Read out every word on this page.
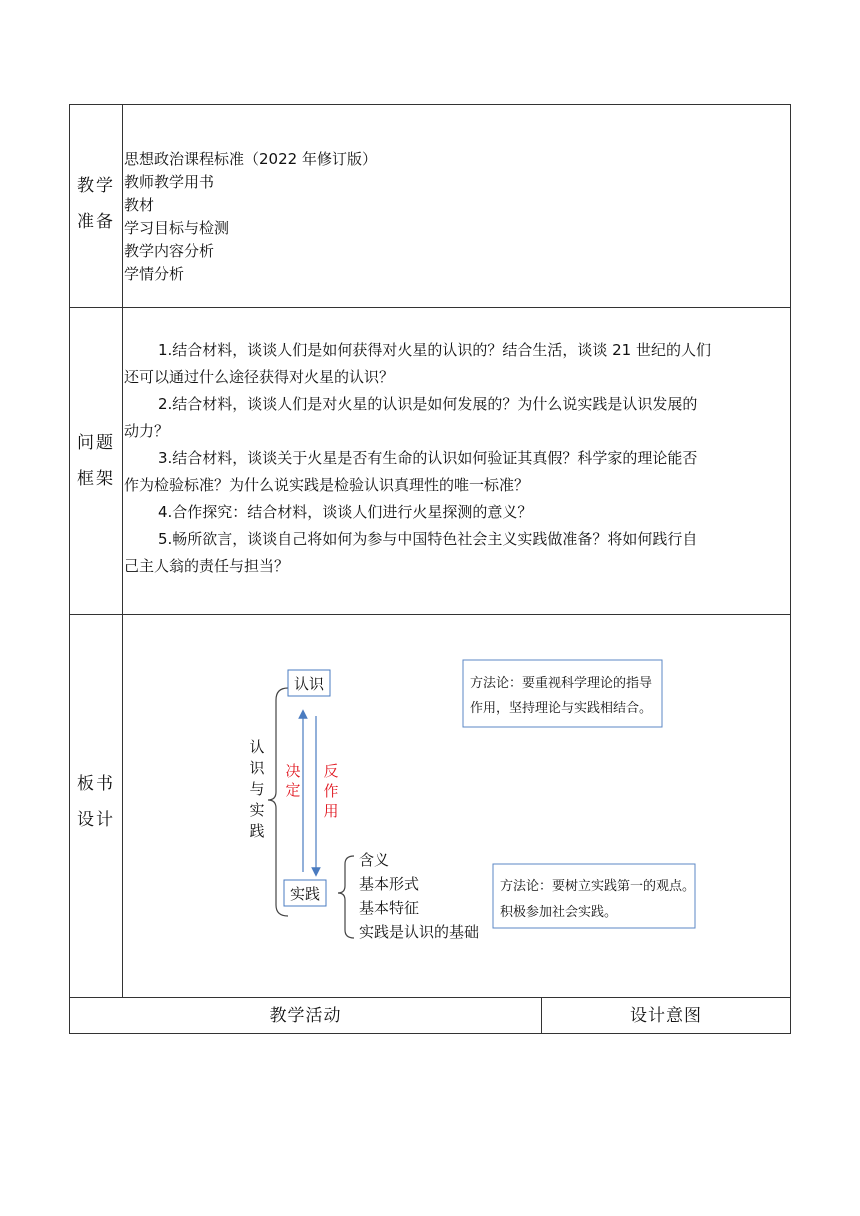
教学
准备
思想政治课程标准（2022 年修订版）
教师教学用书
教材
学习目标与检测
教学内容分析
学情分析
问题
框架

1.结合材料，谈谈人们是如何获得对火星的认识的？结合生活，谈谈 21 世纪的人们

还可以通过什么途径获得对火星的认识？

2.结合材料，谈谈人们是对火星的认识是如何发展的？为什么说实践是认识发展的

动力？

3.结合材料，谈谈关于火星是否有生命的认识如何验证其真假？科学家的理论能否

作为检验标准？为什么说实践是检验认识真理性的唯一标准？

4.合作探究：结合材料，谈谈人们进行火星探测的意义？

5.畅所欲言，谈谈自己将如何为参与中国特色社会主义实践做准备？将如何践行自

己主人翁的责任与担当？

板书
设计
认
识
与
实
践
认识
实践
决
定
反
作
用
含义
基本形式
基本特征
实践是认识的基础
方法论：要重视科学理论的指导
作用，坚持理论与实践相结合。
方法论：要树立实践第一的观点。
积极参加社会实践。
教学活动	设计意图
